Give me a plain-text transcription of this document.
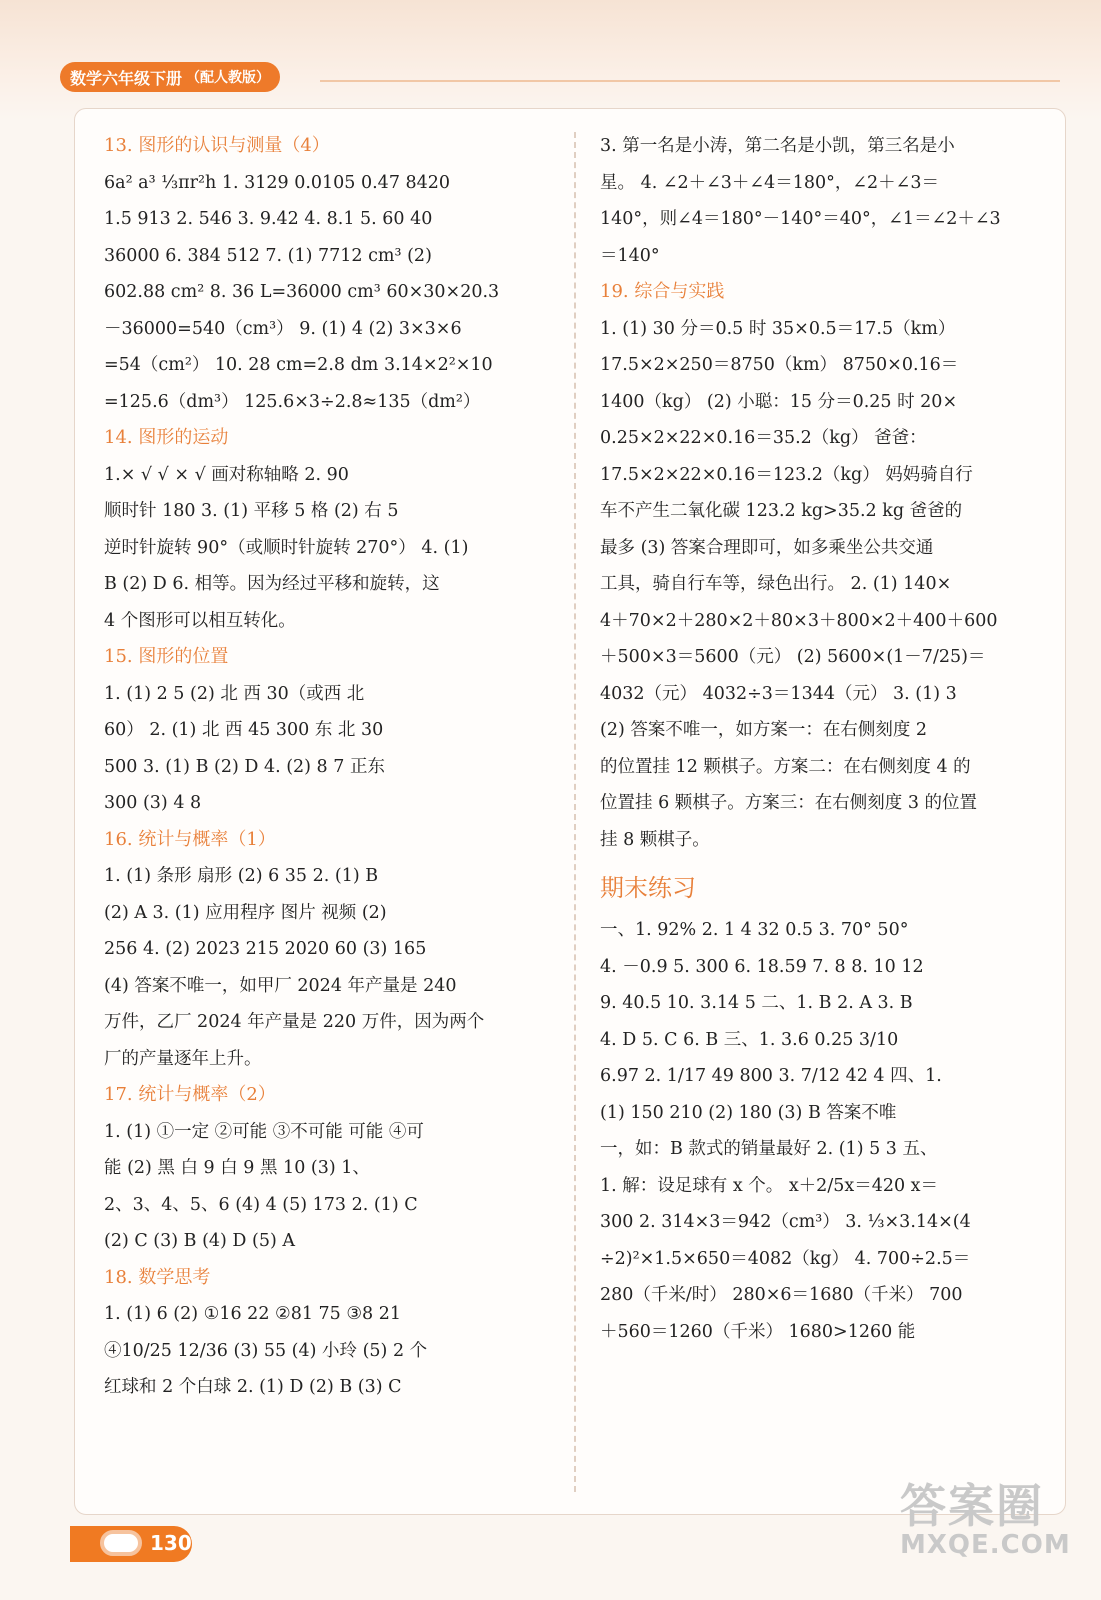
数学六年级下册 （配人教版）
13. 图形的认识与测量（4）
6a² a³ ⅓πr²h 1. 3129 0.0105 0.47 8420
1.5 913 2. 546 3. 9.42 4. 8.1 5. 60 40
36000 6. 384 512 7. (1) 7712 cm³ (2)
602.88 cm² 8. 36 L=36000 cm³ 60×30×20.3
－36000=540（cm³） 9. (1) 4 (2) 3×3×6
=54（cm²） 10. 28 cm=2.8 dm 3.14×2²×10
=125.6（dm³） 125.6×3÷2.8≈135（dm²）
14. 图形的运动
1.× √ √ × √ 画对称轴略 2. 90
顺时针 180 3. (1) 平移 5 格 (2) 右 5
逆时针旋转 90°（或顺时针旋转 270°） 4. (1)
B (2) D 6. 相等。因为经过平移和旋转，这
4 个图形可以相互转化。
15. 图形的位置
1. (1) 2 5 (2) 北 西 30（或西 北
60） 2. (1) 北 西 45 300 东 北 30
500 3. (1) B (2) D 4. (2) 8 7 正东
300 (3) 4 8
16. 统计与概率（1）
1. (1) 条形 扇形 (2) 6 35 2. (1) B
(2) A 3. (1) 应用程序 图片 视频 (2)
256 4. (2) 2023 215 2020 60 (3) 165
(4) 答案不唯一，如甲厂 2024 年产量是 240
万件，乙厂 2024 年产量是 220 万件，因为两个
厂的产量逐年上升。
17. 统计与概率（2）
1. (1) ①一定 ②可能 ③不可能 可能 ④可
能 (2) 黑 白 9 白 9 黑 10 (3) 1、
2、3、4、5、6 (4) 4 (5) 173 2. (1) C
(2) C (3) B (4) D (5) A
18. 数学思考
1. (1) 6 (2) ①16 22 ②81 75 ③8 21
④10/25 12/36 (3) 55 (4) 小玲 (5) 2 个
红球和 2 个白球 2. (1) D (2) B (3) C
3. 第一名是小涛，第二名是小凯，第三名是小
星。 4. ∠2＋∠3＋∠4＝180°，∠2＋∠3＝
140°，则∠4＝180°－140°＝40°，∠1＝∠2＋∠3
＝140°
19. 综合与实践
1. (1) 30 分＝0.5 时 35×0.5＝17.5（km）
17.5×2×250＝8750（km） 8750×0.16＝
1400（kg） (2) 小聪：15 分＝0.25 时 20×
0.25×2×22×0.16＝35.2（kg） 爸爸：
17.5×2×22×0.16＝123.2（kg） 妈妈骑自行
车不产生二氧化碳 123.2 kg>35.2 kg 爸爸的
最多 (3) 答案合理即可，如多乘坐公共交通
工具，骑自行车等，绿色出行。 2. (1) 140×
4＋70×2＋280×2＋80×3＋800×2＋400＋600
＋500×3＝5600（元） (2) 5600×(1－7/25)＝
4032（元） 4032÷3＝1344（元） 3. (1) 3
(2) 答案不唯一，如方案一：在右侧刻度 2
的位置挂 12 颗棋子。方案二：在右侧刻度 4 的
位置挂 6 颗棋子。方案三：在右侧刻度 3 的位置
挂 8 颗棋子。
期末练习
一、1. 92% 2. 1 4 32 0.5 3. 70° 50°
4. －0.9 5. 300 6. 18.59 7. 8 8. 10 12
9. 40.5 10. 3.14 5 二、1. B 2. A 3. B
4. D 5. C 6. B 三、1. 3.6 0.25 3/10
6.97 2. 1/17 49 800 3. 7/12 42 4 四、1.
(1) 150 210 (2) 180 (3) B 答案不唯
一，如：B 款式的销量最好 2. (1) 5 3 五、
1. 解：设足球有 x 个。 x＋2/5x＝420 x＝
300 2. 314×3＝942（cm³） 3. ⅓×3.14×(4
÷2)²×1.5×650＝4082（kg） 4. 700÷2.5＝
280（千米/时） 280×6＝1680（千米） 700
＋560＝1260（千米） 1680>1260 能
130
答案圈
MXQE.COM
